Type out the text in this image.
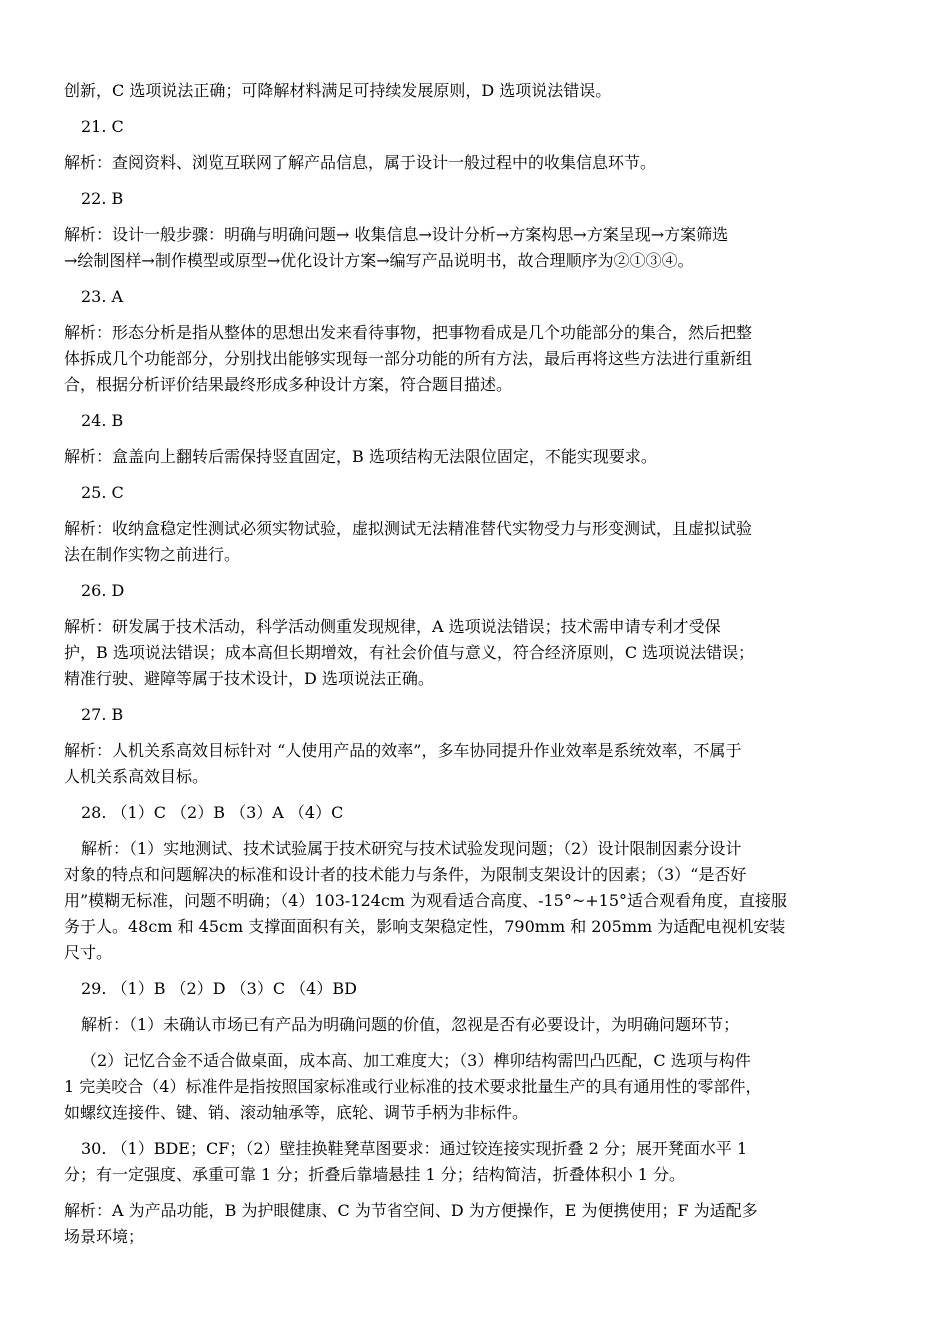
创新，C 选项说法正确；可降解材料满足可持续发展原则，D 选项说法错误。

21. C

解析：查阅资料、浏览互联网了解产品信息，属于设计一般过程中的收集信息环节。

22. B

解析：设计一般步骤：明确与明确问题→ 收集信息→设计分析→方案构思→方案呈现→方案筛选

→绘制图样→制作模型或原型→优化设计方案→编写产品说明书，故合理顺序为②①③④。

23. A

解析：形态分析是指从整体的思想出发来看待事物，把事物看成是几个功能部分的集合，然后把整

体拆成几个功能部分，分别找出能够实现每一部分功能的所有方法，最后再将这些方法进行重新组

合，根据分析评价结果最终形成多种设计方案，符合题目描述。

24. B

解析：盒盖向上翻转后需保持竖直固定，B 选项结构无法限位固定，不能实现要求。

25. C

解析：收纳盒稳定性测试必须实物试验，虚拟测试无法精准替代实物受力与形变测试，且虚拟试验

法在制作实物之前进行。

26. D

解析：研发属于技术活动，科学活动侧重发现规律，A 选项说法错误；技术需申请专利才受保

护，B 选项说法错误；成本高但长期增效，有社会价值与意义，符合经济原则，C 选项说法错误；

精准行驶、避障等属于技术设计，D 选项说法正确。

27. B

解析：人机关系高效目标针对 “人使用产品的效率”，多车协同提升作业效率是系统效率，不属于

人机关系高效目标。

28. （1）C （2）B （3）A （4）C

解析：（1）实地测试、技术试验属于技术研究与技术试验发现问题；（2）设计限制因素分设计

对象的特点和问题解决的标准和设计者的技术能力与条件，为限制支架设计的因素；（3）“是否好

用”模糊无标准，问题不明确；（4）103-124cm 为观看适合高度、-15°~+15°适合观看角度，直接服

务于人。48cm 和 45cm 支撑面面积有关，影响支架稳定性，790mm 和 205mm 为适配电视机安装

尺寸。

29. （1）B （2）D （3）C （4）BD

解析：（1）未确认市场已有产品为明确问题的价值，忽视是否有必要设计，为明确问题环节；

（2）记忆合金不适合做桌面，成本高、加工难度大；（3）榫卯结构需凹凸匹配，C 选项与构件

1 完美咬合（4）标准件是指按照国家标准或行业标准的技术要求批量生产的具有通用性的零部件，

如螺纹连接件、键、销、滚动轴承等，底轮、调节手柄为非标件。

30. （1）BDE；CF；（2）壁挂换鞋凳草图要求：通过铰连接实现折叠 2 分；展开凳面水平 1

分；有一定强度、承重可靠 1 分；折叠后靠墙悬挂 1 分；结构简洁，折叠体积小 1 分。

解析：A 为产品功能，B 为护眼健康、C 为节省空间、D 为方便操作，E 为便携使用；F 为适配多

场景环境；
